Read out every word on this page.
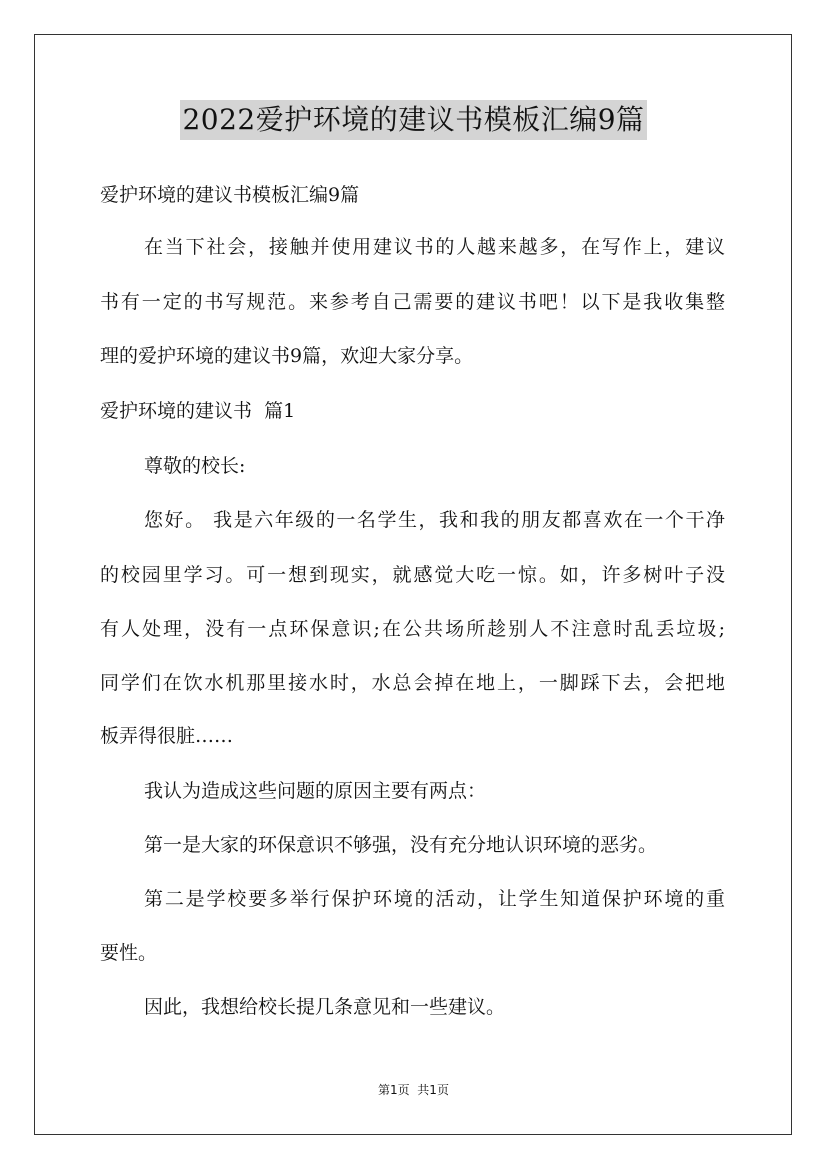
2022爱护环境的建议书模板汇编9篇
爱护环境的建议书模板汇编9篇
在当下社会，接触并使用建议书的人越来越多，在写作上，建议
书有一定的书写规范。来参考自己需要的建议书吧！以下是我收集整
理的爱护环境的建议书9篇，欢迎大家分享。
爱护环境的建议书  篇1
尊敬的校长:
您好。 我是六年级的一名学生，我和我的朋友都喜欢在一个干净
的校园里学习。可一想到现实，就感觉大吃一惊。如，许多树叶子没
有人处理，没有一点环保意识;在公共场所趁别人不注意时乱丢垃圾;
同学们在饮水机那里接水时，水总会掉在地上，一脚踩下去，会把地
板弄得很脏……
我认为造成这些问题的原因主要有两点：
第一是大家的环保意识不够强，没有充分地认识环境的恶劣。
第二是学校要多举行保护环境的活动，让学生知道保护环境的重
要性。
因此，我想给校长提几条意见和一些建议。
第1页  共1页
